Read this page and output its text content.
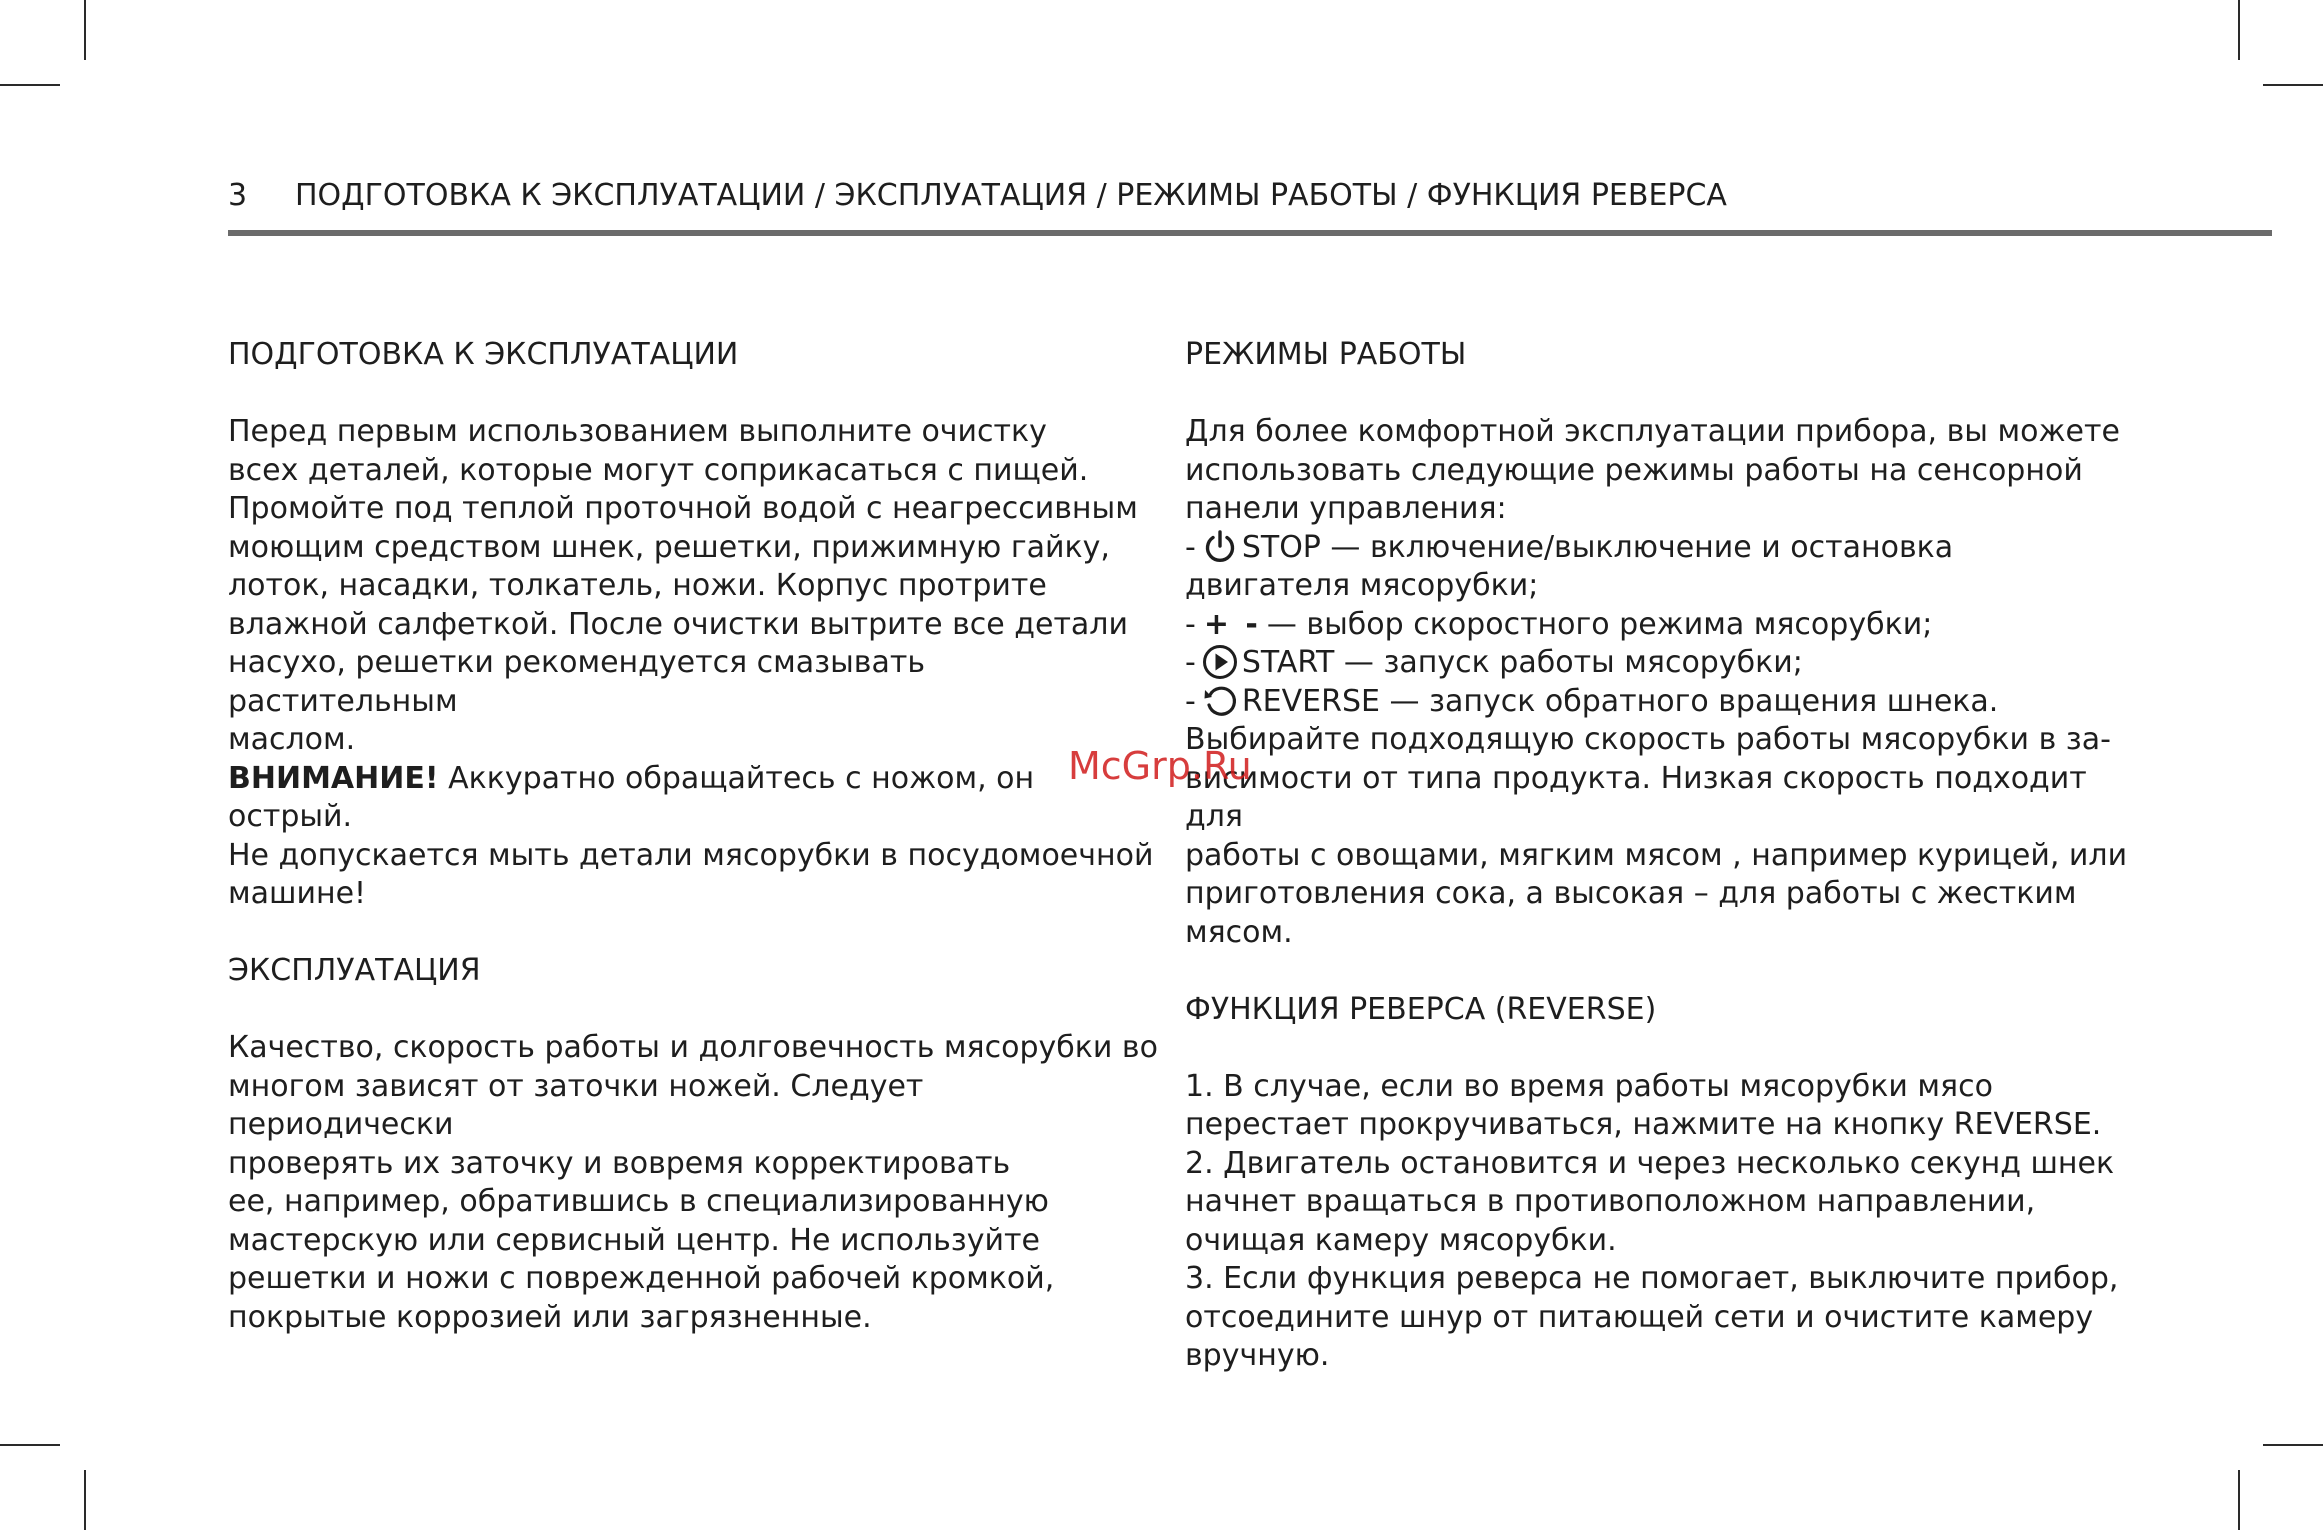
3 ПОДГОТОВКА К ЭКСПЛУАТАЦИИ / ЭКСПЛУАТАЦИЯ / РЕЖИМЫ РАБОТЫ / ФУНКЦИЯ РЕВЕРСА
ПОДГОТОВКА К ЭКСПЛУАТАЦИИ

Перед первым использованием выполните очистку
всех деталей, которые могут соприкасаться с пищей.
Промойте под теплой проточной водой с неагрессивным
моющим средством шнек, решетки, прижимную гайку,
лоток, насадки, толкатель, ножи. Корпус протрите
влажной салфеткой. После очистки вытрите все детали
насухо, решетки рекомендуется смазывать растительным
маслом.

ВНИМАНИЕ! Аккуратно обращайтесь с ножом, он острый.
Не допускается мыть детали мясорубки в посудомоечной
машине!

ЭКСПЛУАТАЦИЯ

Качество, скорость работы и долговечность мясорубки во
многом зависят от заточки ножей. Следует периодически
проверять их заточку и вовремя корректировать
ее, например, обратившись в специализированную
мастерскую или сервисный центр. Не используйте
решетки и ножи с поврежденной рабочей кромкой,
покрытые коррозией или загрязненные.

РЕЖИМЫ РАБОТЫ

Для более комфортной эксплуатации прибора, вы можете
использовать следующие режимы работы на сенсорной
панели управления:

- STOP — включение/выключение и остановка
двигателя мясорубки;
- + - — выбор скоростного режима мясорубки;
- START — запуск работы мясорубки;
- REVERSE — запуск обратного вращения шнека.

Выбирайте подходящую скорость работы мясорубки в за-
висимости от типа продукта. Низкая скорость подходит для
работы с овощами, мягким мясом , например курицей, или
приготовления сока, а высокая – для работы с жестким мясом.

ФУНКЦИЯ РЕВЕРСА (REVERSE)

1. В случае, если во время работы мясорубки мясо
перестает прокручиваться, нажмите на кнопку REVERSE.
2. Двигатель остановится и через несколько секунд шнек
начнет вращаться в противоположном направлении,
очищая камеру мясорубки.
3. Если функция реверса не помогает, выключите прибор,
отсоедините шнур от питающей сети и очистите камеру
вручную.

McGrp.Ru
